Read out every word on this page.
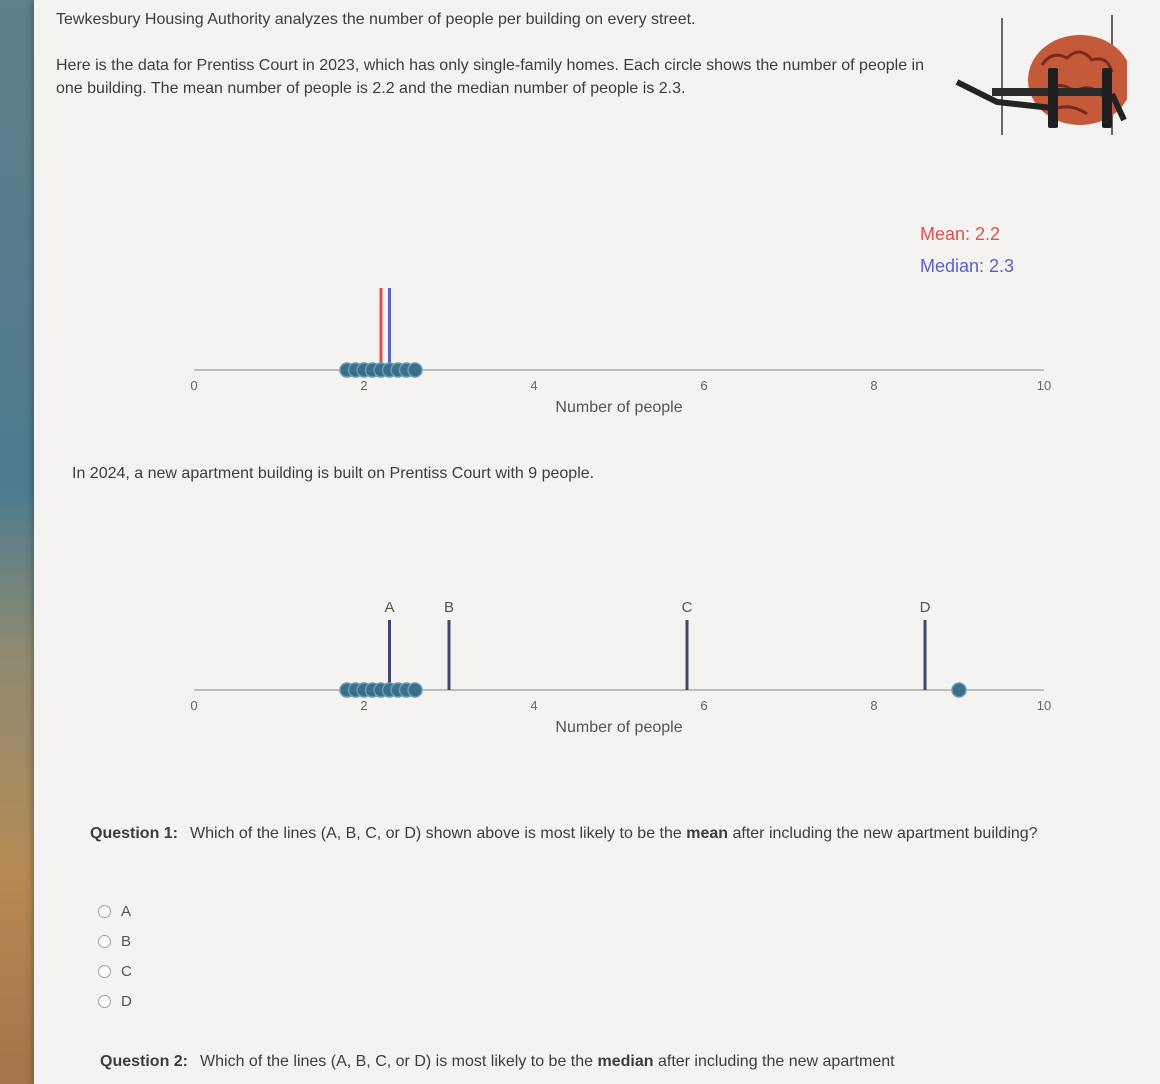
Tewkesbury Housing Authority analyzes the number of people per building on every street.

Here is the data for Prentiss Court in 2023, which has only single-family homes. Each circle shows the number of people in one building. The mean number of people is 2.2 and the median number of people is 2.3.

Mean: 2.2
Median: 2.3
0	2	4	6	8	10
Number of people

In 2024, a new apartment building is built on Prentiss Court with 9 people.

0	2	4	6	8	10
Number of people
A	B	C	D

Question 1: Which of the lines (A, B, C, or D) shown above is most likely to be the mean after including the new apartment building?

A
B
C
D

Question 2: Which of the lines (A, B, C, or D) is most likely to be the median after including the new apartment
